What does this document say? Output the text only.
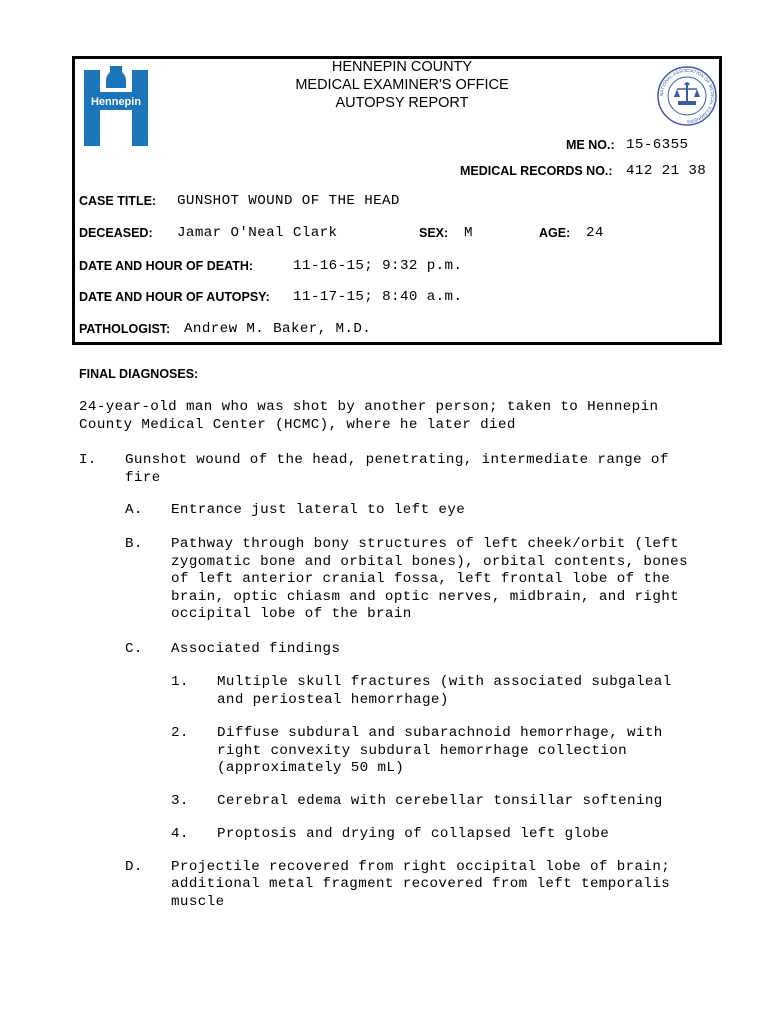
Hennepin
NATIONAL ASSOCIATION OF MEDICAL EXAMINERS
HENNEPIN COUNTY
MEDICAL EXAMINER'S OFFICE
AUTOPSY REPORT
ME NO.: 15-6355
MEDICAL RECORDS NO.: 412 21 38
CASE TITLE: GUNSHOT WOUND OF THE HEAD
DECEASED: Jamar O'Neal Clark	SEX: M	AGE: 24
DATE AND HOUR OF DEATH:	11-16-15; 9:32 p.m.
DATE AND HOUR OF AUTOPSY: 11-17-15; 8:40 a.m.
PATHOLOGIST: Andrew M. Baker, M.D.
FINAL DIAGNOSES:
24-year-old man who was shot by another person; taken to Hennepin
County Medical Center (HCMC), where he later died
I. Gunshot wound of the head, penetrating, intermediate range of
fire
A. Entrance just lateral to left eye
B. Pathway through bony structures of left cheek/orbit (left
zygomatic bone and orbital bones), orbital contents, bones
of left anterior cranial fossa, left frontal lobe of the
brain, optic chiasm and optic nerves, midbrain, and right
occipital lobe of the brain
C. Associated findings
1. Multiple skull fractures (with associated subgaleal
and periosteal hemorrhage)
2. Diffuse subdural and subarachnoid hemorrhage, with
right convexity subdural hemorrhage collection
(approximately 50 mL)
3. Cerebral edema with cerebellar tonsillar softening
4. Proptosis and drying of collapsed left globe
D. Projectile recovered from right occipital lobe of brain;
additional metal fragment recovered from left temporalis
muscle
